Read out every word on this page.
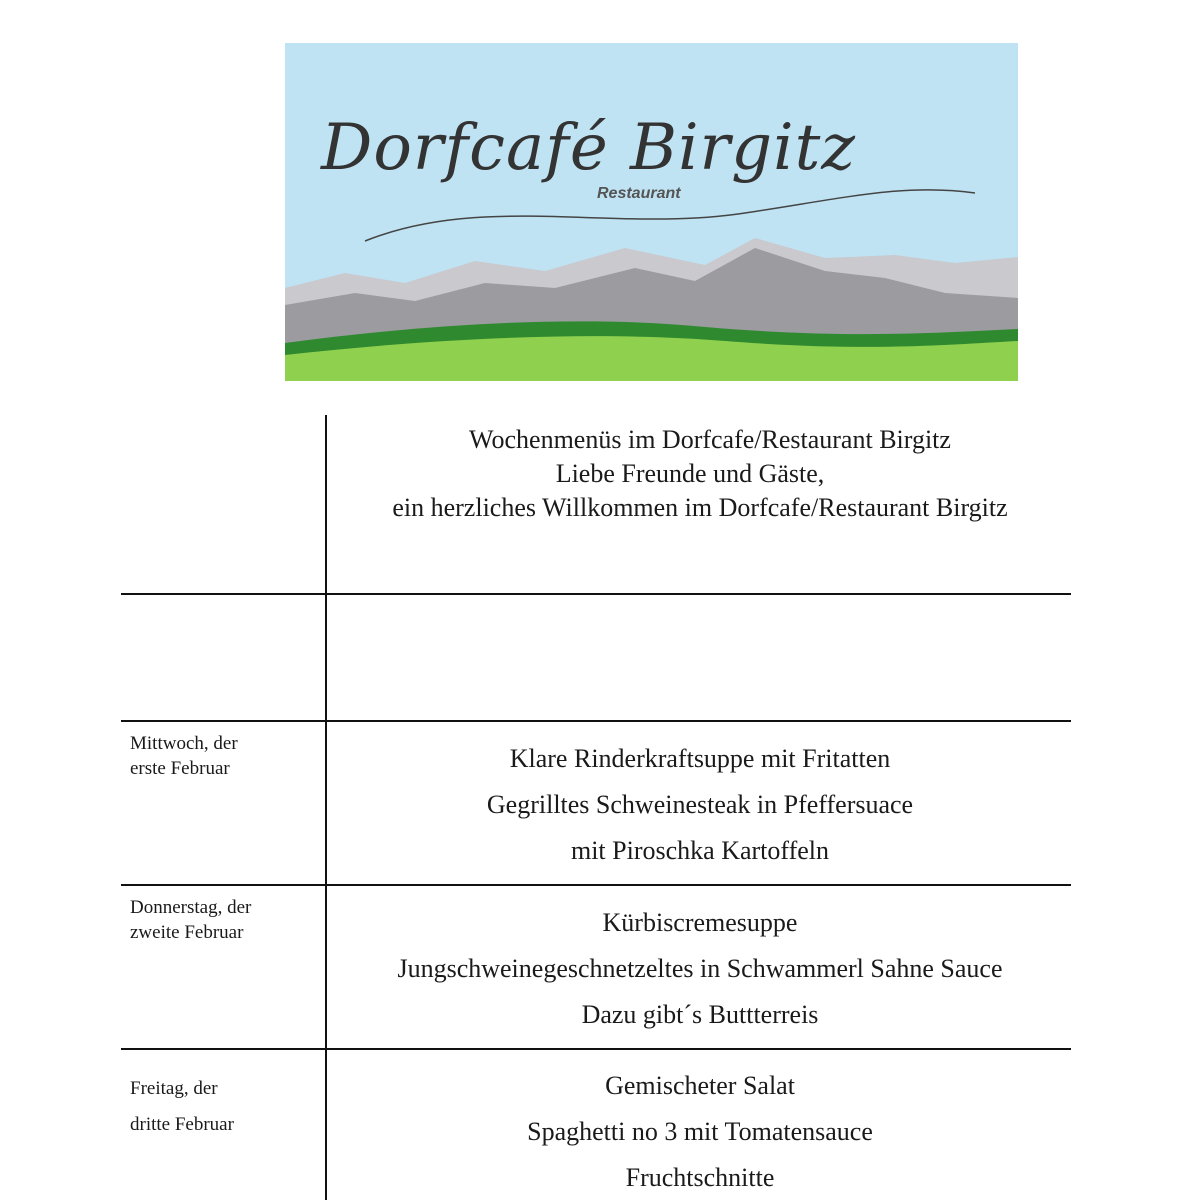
Dorfcafé Birgitz
Restaurant
Wochenmenüs im Dorfcafe/Restaurant Birgitz
Liebe Freunde und Gäste,
ein herzliches Willkommen im Dorfcafe/Restaurant Birgitz
Mittwoch, der
erste Februar	Klare Rinderkraftsuppe mit Fritatten
Gegrilltes Schweinesteak in Pfeffersuace
mit Piroschka Kartoffeln
Donnerstag, der
zweite Februar	Kürbiscremesuppe
Jungschweinegeschnetzeltes in Schwammerl Sahne Sauce
Dazu gibt´s Buttterreis
Freitag, der
dritte Februar
Gemischeter Salat
Spaghetti no 3 mit Tomatensauce
Fruchtschnitte
